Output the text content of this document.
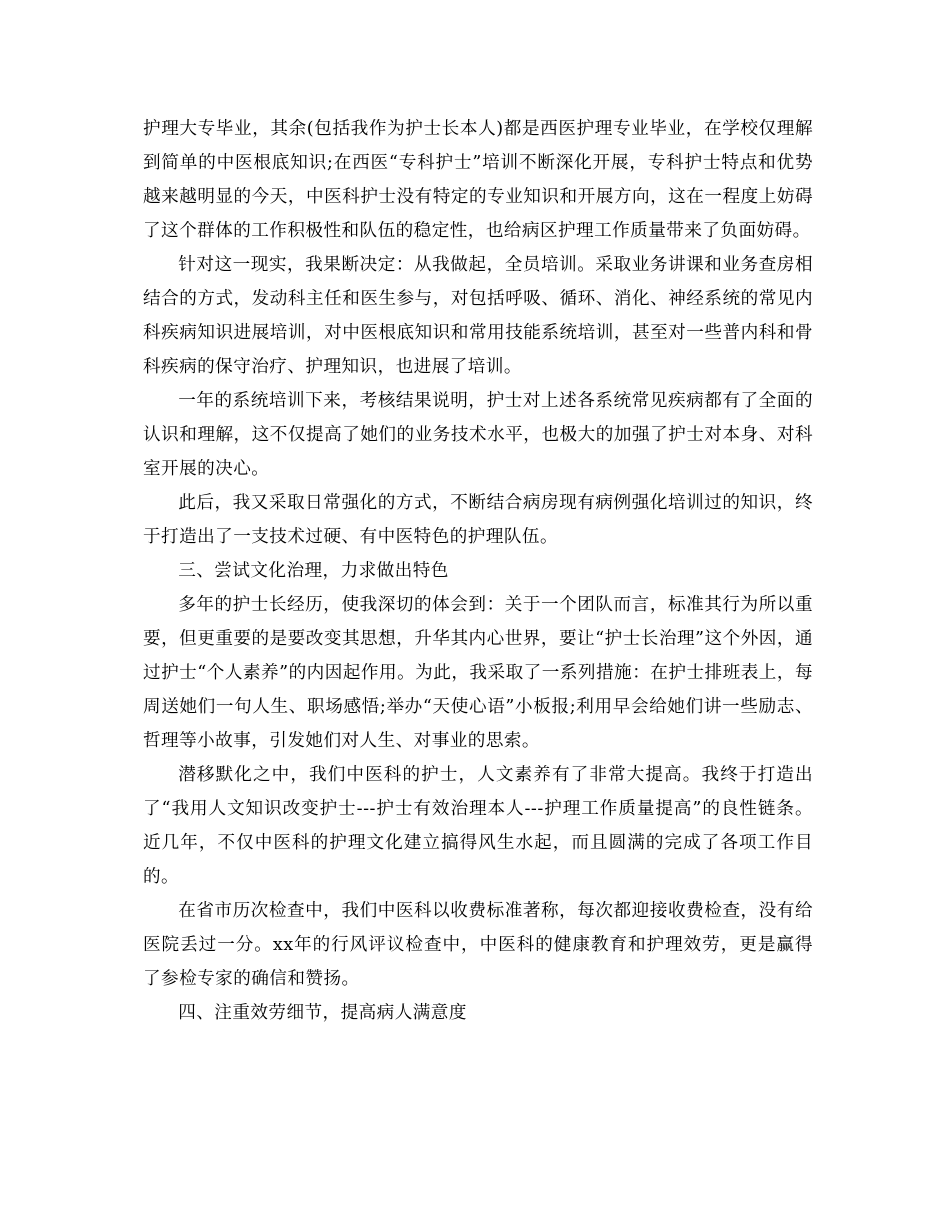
护理大专毕业，其余(包括我作为护士长本人)都是西医护理专业毕业，在学校仅理解到简单的中医根底知识;在西医“专科护士”培训不断深化开展，专科护士特点和优势越来越明显的今天，中医科护士没有特定的专业知识和开展方向，这在一程度上妨碍了这个群体的工作积极性和队伍的稳定性，也给病区护理工作质量带来了负面妨碍。

针对这一现实，我果断决定：从我做起，全员培训。采取业务讲课和业务查房相结合的方式，发动科主任和医生参与，对包括呼吸、循环、消化、神经系统的常见内科疾病知识进展培训，对中医根底知识和常用技能系统培训，甚至对一些普内科和骨科疾病的保守治疗、护理知识，也进展了培训。

一年的系统培训下来，考核结果说明，护士对上述各系统常见疾病都有了全面的认识和理解，这不仅提高了她们的业务技术水平，也极大的加强了护士对本身、对科室开展的决心。

此后，我又采取日常强化的方式，不断结合病房现有病例强化培训过的知识，终于打造出了一支技术过硬、有中医特色的护理队伍。

三、尝试文化治理，力求做出特色

多年的护士长经历，使我深切的体会到：关于一个团队而言，标准其行为所以重要，但更重要的是要改变其思想，升华其内心世界，要让“护士长治理”这个外因，通过护士“个人素养”的内因起作用。为此，我采取了一系列措施：在护士排班表上，每周送她们一句人生、职场感悟;举办“天使心语”小板报;利用早会给她们讲一些励志、哲理等小故事，引发她们对人生、对事业的思索。

潜移默化之中，我们中医科的护士，人文素养有了非常大提高。我终于打造出了“我用人文知识改变护士---护士有效治理本人---护理工作质量提高”的良性链条。近几年，不仅中医科的护理文化建立搞得风生水起，而且圆满的完成了各项工作目的。

在省市历次检查中，我们中医科以收费标准著称，每次都迎接收费检查，没有给医院丢过一分。xx年的行风评议检查中，中医科的健康教育和护理效劳，更是赢得了参检专家的确信和赞扬。

四、注重效劳细节，提高病人满意度
